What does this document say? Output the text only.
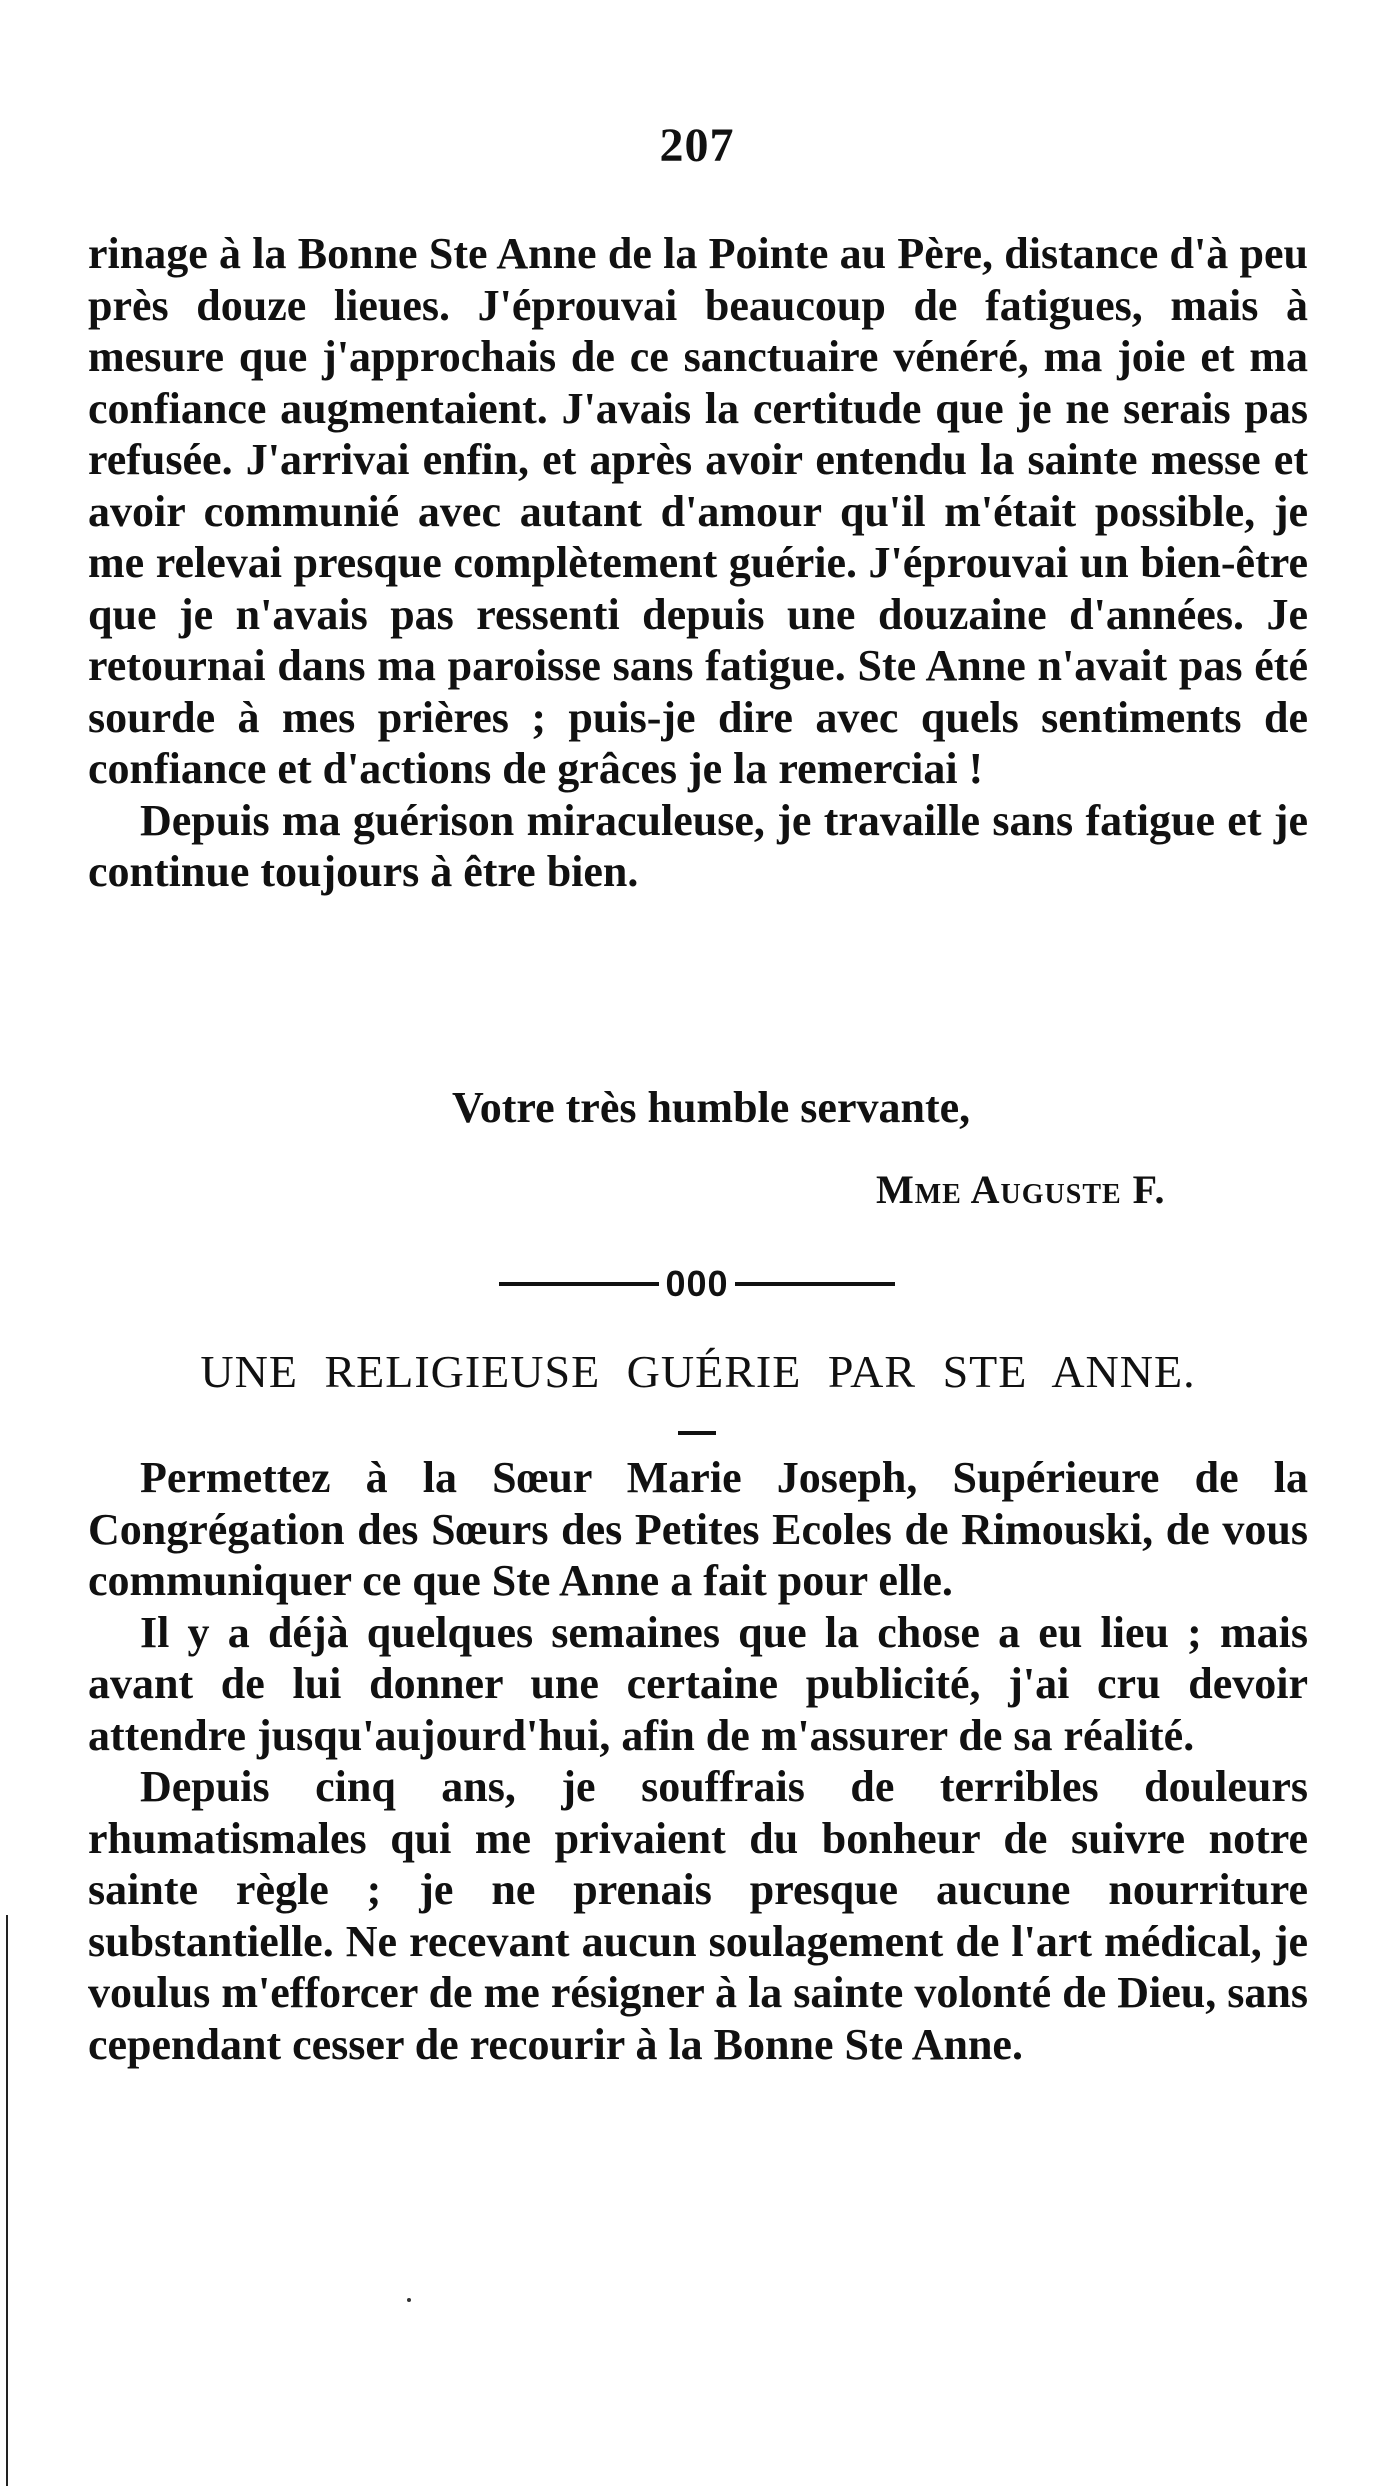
207

rinage à la Bonne Ste Anne de la Pointe au Père, distance d'à peu près douze lieues. J'éprouvai beaucoup de fatigues, mais à mesure que j'approchais de ce sanctuaire vénéré, ma joie et ma confiance augmentaient. J'avais la certitude que je ne serais pas refusée. J'arrivai enfin, et après avoir entendu la sainte messe et avoir communié avec autant d'amour qu'il m'était possible, je me relevai presque complètement guérie. J'éprouvai un bien-être que je n'avais pas ressenti depuis une douzaine d'années. Je retournai dans ma paroisse sans fatigue. Ste Anne n'avait pas été sourde à mes prières ; puis-je dire avec quels sentiments de confiance et d'actions de grâces je la remerciai !

Depuis ma guérison miraculeuse, je travaille sans fatigue et je continue toujours à être bien.

Votre très humble servante,
Mme Auguste F.
000
UNE RELIGIEUSE GUÉRIE PAR STE ANNE.

Permettez à la Sœur Marie Joseph, Supérieure de la Congrégation des Sœurs des Petites Ecoles de Rimouski, de vous communiquer ce que Ste Anne a fait pour elle.

Il y a déjà quelques semaines que la chose a eu lieu ; mais avant de lui donner une certaine publicité, j'ai cru devoir attendre jusqu'aujourd'hui, afin de m'assurer de sa réalité.

Depuis cinq ans, je souffrais de terribles douleurs rhumatismales qui me privaient du bonheur de suivre notre sainte règle ; je ne prenais presque aucune nourriture substantielle. Ne recevant aucun soulagement de l'art médical, je voulus m'efforcer de me résigner à la sainte volonté de Dieu, sans cependant cesser de recourir à la Bonne Ste Anne.
